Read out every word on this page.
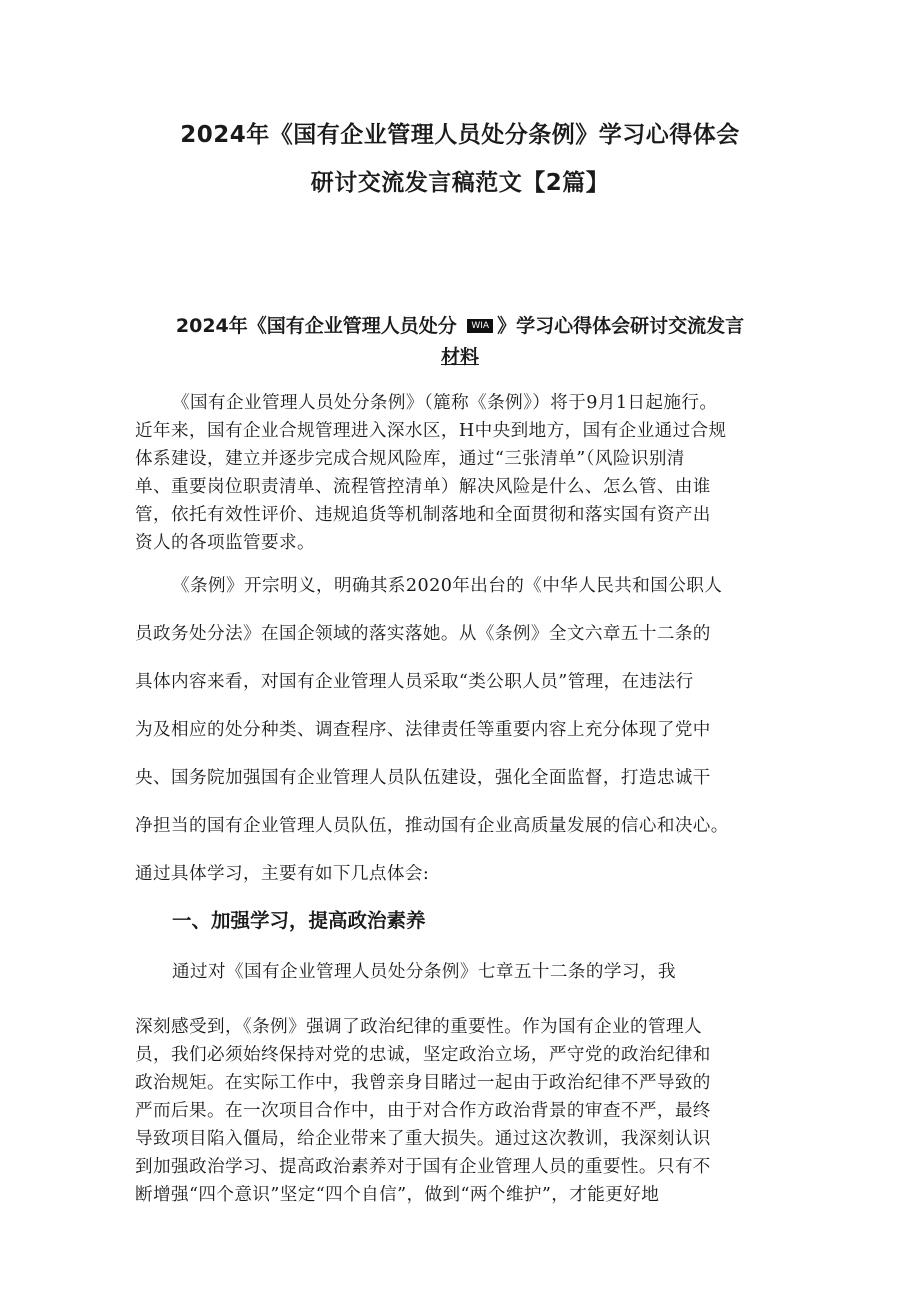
2024年《国有企业管理人员处分条例》学习心得体会

研讨交流发言稿范文【2篇】

2024年《国有企业管理人员处分 WIA 》学习心得体会研讨交流发言

材料

《国有企业管理人员处分条例》（簏称《条例》）将于9月1日起施行。

近年来，国有企业合规管理进入深水区，H中央到地方，国有企业通过合规

体系建设，建立并逐步完成合规风险库，通过“三张清单”（风险识别清

单、重要岗位职责清单、流程管控清单）解决风险是什么、怎么管、由谁

管，依托有效性评价、违规追货等机制落地和全面贯彻和落实国有资产出

资人的各项监管要求。

《条例》开宗明义，明确其系2020年出台的《中华人民共和国公职人

员政务处分法》在国企领域的落实落她。从《条例》全文六章五十二条的

具体内容来看，对国有企业管理人员采取“类公职人员”管理，在违法行

为及相应的处分种类、调查程序、法律责任等重要内容上充分体现了党中

央、国务院加强国有企业管理人员队伍建设，强化全面监督，打造忠诚干

净担当的国有企业管理人员队伍，推动国有企业高质量发展的信心和决心。

通过具体学习，主要有如下几点体会:

一、加强学习，提高政治素养

通过对《国有企业管理人员处分条例》七章五十二条的学习，我

深刻感受到，《条例》强调了政治纪律的重要性。作为国有企业的管理人

员，我们必须始终保持对党的忠诚，坚定政治立场，严守党的政治纪律和

政治规矩。在实际工作中，我曾亲身目睹过一起由于政治纪律不严导致的

严而后果。在一次项目合作中，由于对合作方政治背景的审查不严，最终

导致项目陷入僵局，给企业带来了重大损失。通过这次教训，我深刻认识

到加强政治学习、提高政治素养对于国有企业管理人员的重要性。只有不

断增强“四个意识”坚定“四个自信”，做到“两个维护”，才能更好地
